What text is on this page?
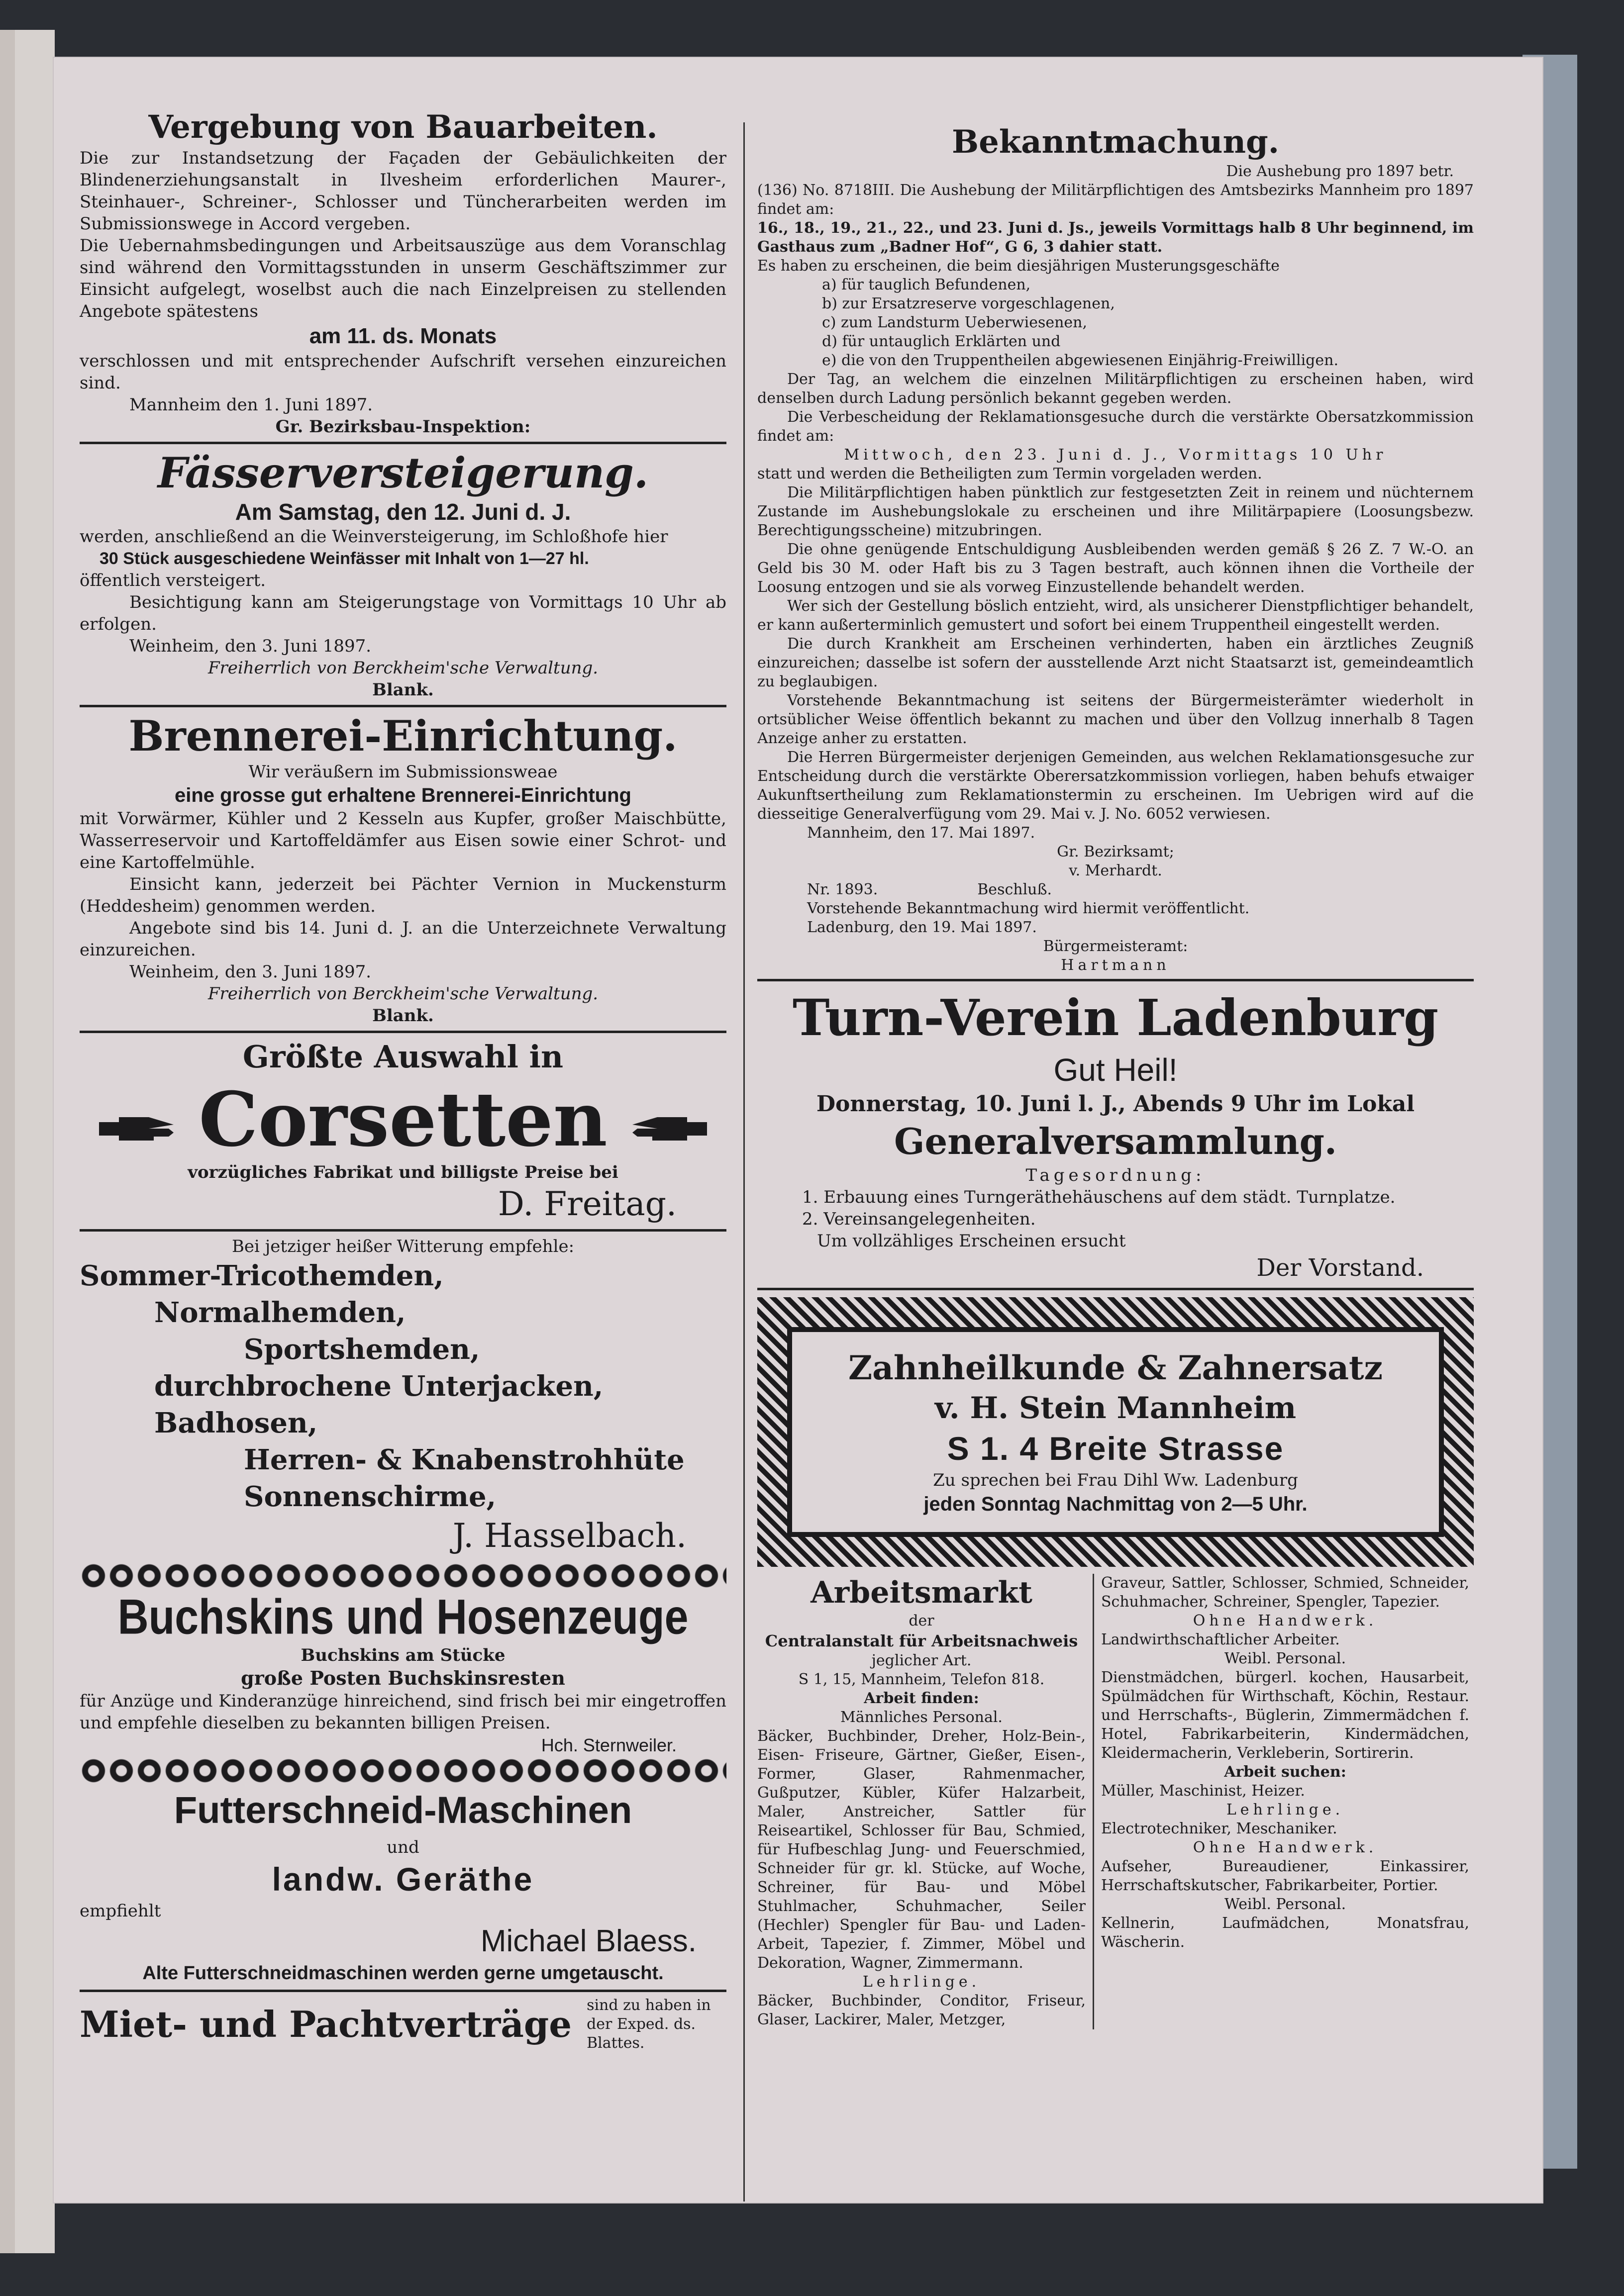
Vergebung von Bauarbeiten.

Die zur Instandsetzung der Façaden der Gebäulichkeiten der Blindenerziehungsanstalt in Ilvesheim erforderlichen Maurer-, Steinhauer-, Schreiner-, Schlosser und Tüncherarbeiten werden im Submissionswege in Accord vergeben.

Die Uebernahmsbedingungen und Arbeitsauszüge aus dem Voranschlag sind während den Vormittagsstunden in unserm Geschäftszimmer zur Einsicht aufgelegt, woselbst auch die nach Einzelpreisen zu stellenden Angebote spätestens

am 11. ds. Monats

verschlossen und mit entsprechender Aufschrift versehen einzureichen sind.

Mannheim den 1. Juni 1897.

Gr. Bezirksbau-Inspektion:

Fässerversteigerung.
Am Samstag, den 12. Juni d. J.

werden, anschließend an die Weinversteigerung, im Schloßhofe hier

30 Stück ausgeschiedene Weinfässer mit Inhalt von 1—27 hl.

öffentlich versteigert.

Besichtigung kann am Steigerungstage von Vormittags 10 Uhr ab erfolgen.

Weinheim, den 3. Juni 1897.

Freiherrlich von Berckheim'sche Verwaltung.

Blank.

Brennerei-Einrichtung.

Wir veräußern im Submissionsweae

eine grosse gut erhaltene Brennerei-Einrichtung

mit Vorwärmer, Kühler und 2 Kesseln aus Kupfer, großer Maischbütte, Wasserreservoir und Kartoffeldämfer aus Eisen sowie einer Schrot- und eine Kartoffelmühle.

Einsicht kann, jederzeit bei Pächter Vernion in Muckensturm (Heddesheim) genommen werden.

Angebote sind bis 14. Juni d. J. an die Unterzeichnete Verwaltung einzureichen.

Weinheim, den 3. Juni 1897.

Freiherrlich von Berckheim'sche Verwaltung.

Blank.

Größte Auswahl in
Corsetten
vorzügliches Fabrikat und billigste Preise bei
D. Freitag.
Bei jetziger heißer Witterung empfehle:
Sommer-Tricothemden,
Normalhemden,
Sportshemden,
durchbrochene Unterjacken,
Badhosen,
Herren- & Knabenstrohhüte
Sonnenschirme,
J. Hasselbach.
Buchskins und Hosenzeuge
Buchskins am Stücke
große Posten Buchskinsresten

für Anzüge und Kinderanzüge hinreichend, sind frisch bei mir eingetroffen und empfehle dieselben zu bekannten billigen Preisen.

Hch. Sternweiler.
Futterschneid-Maschinen
und
landw. Geräthe
empfiehlt
Michael Blaess.
Alte Futterschneidmaschinen werden gerne umgetauscht.
Miet- und Pachtverträge	sind zu haben in der Exped. ds. Blattes.
Bekanntmachung.
Die Aushebung pro 1897 betr.

(136) No. 8718III. Die Aushebung der Militärpflichtigen des Amtsbezirks Mannheim pro 1897 findet am:

16., 18., 19., 21., 22., und 23. Juni d. Js., jeweils Vormittags halb 8 Uhr beginnend, im Gasthaus zum „Badner Hof“, G 6, 3 dahier statt.

Es haben zu erscheinen, die beim diesjährigen Musterungsgeschäfte

a) für tauglich Befundenen,
b) zur Ersatzreserve vorgeschlagenen,
c) zum Landsturm Ueberwiesenen,
d) für untauglich Erklärten und
e) die von den Truppentheilen abgewiesenen Einjährig-Freiwilligen.

Der Tag, an welchem die einzelnen Militärpflichtigen zu erscheinen haben, wird denselben durch Ladung persönlich bekannt gegeben werden.

Die Verbescheidung der Reklamationsgesuche durch die verstärkte Obersatzkommission findet am:

Mittwoch, den 23. Juni d. J., Vormittags 10 Uhr

statt und werden die Betheiligten zum Termin vorgeladen werden.

Die Militärpflichtigen haben pünktlich zur festgesetzten Zeit in reinem und nüchternem Zustande im Aushebungslokale zu erscheinen und ihre Militärpapiere (Loosungsbezw. Berechtigungsscheine) mitzubringen.

Die ohne genügende Entschuldigung Ausbleibenden werden gemäß § 26 Z. 7 W.-O. an Geld bis 30 M. oder Haft bis zu 3 Tagen bestraft, auch können ihnen die Vortheile der Loosung entzogen und sie als vorweg Einzustellende behandelt werden.

Wer sich der Gestellung böslich entzieht, wird, als unsicherer Dienstpflichtiger behandelt, er kann außerterminlich gemustert und sofort bei einem Truppentheil eingestellt werden.

Die durch Krankheit am Erscheinen verhinderten, haben ein ärztliches Zeugniß einzureichen; dasselbe ist sofern der ausstellende Arzt nicht Staatsarzt ist, gemeindeamtlich zu beglaubigen.

Vorstehende Bekanntmachung ist seitens der Bürgermeisterämter wiederholt in ortsüblicher Weise öffentlich bekannt zu machen und über den Vollzug innerhalb 8 Tagen Anzeige anher zu erstatten.

Die Herren Bürgermeister derjenigen Gemeinden, aus welchen Reklamationsgesuche zur Entscheidung durch die verstärkte Oberersatzkommission vorliegen, haben behufs etwaiger Aukunftsertheilung zum Reklamationstermin zu erscheinen. Im Uebrigen wird auf die diesseitige Generalverfügung vom 29. Mai v. J. No. 6052 verwiesen.

Mannheim, den 17. Mai 1897.

Gr. Bezirksamt;

v. Merhardt.

Nr. 1893.	Beschluß.

Vorstehende Bekanntmachung wird hiermit veröffentlicht.

Ladenburg, den 19. Mai 1897.

Bürgermeisteramt:

Hartmann

Turn-Verein Ladenburg
Gut Heil!
Donnerstag, 10. Juni l. J., Abends 9 Uhr im Lokal
Generalversammlung.
Tagesordnung:
1. Erbauung eines Turngeräthehäuschens auf dem städt. Turnplatze.
2. Vereinsangelegenheiten.
Um vollzähliges Erscheinen ersucht
Der Vorstand.
Zahnheilkunde & Zahnersatz
v. H. Stein Mannheim
S 1. 4 Breite Strasse
Zu sprechen bei Frau Dihl Ww. Ladenburg
jeden Sonntag Nachmittag von 2—5 Uhr.
Arbeitsmarkt
der
Centralanstalt für Arbeitsnachweis
jeglicher Art.
S 1, 15, Mannheim, Telefon 818.
Arbeit finden:
Männliches Personal.

Bäcker, Buchbinder, Dreher, Holz-Bein-, Eisen- Friseure, Gärtner, Gießer, Eisen-, Former, Glaser, Rahmenmacher, Gußputzer, Kübler, Küfer Halzarbeit, Maler, Anstreicher, Sattler für Reiseartikel, Schlosser für Bau, Schmied, für Hufbeschlag Jung- und Feuerschmied, Schneider für gr. kl. Stücke, auf Woche, Schreiner, für Bau- und Möbel Stuhlmacher, Schuhmacher, Seiler (Hechler) Spengler für Bau- und Laden-Arbeit, Tapezier, f. Zimmer, Möbel und Dekoration, Wagner, Zimmermann.

Lehrlinge.

Bäcker, Buchbinder, Conditor, Friseur, Glaser, Lackirer, Maler, Metzger,

Graveur, Sattler, Schlosser, Schmied, Schneider, Schuhmacher, Schreiner, Spengler, Tapezier.

Ohne Handwerk.
Landwirthschaftlicher Arbeiter.
Weibl. Personal.

Dienstmädchen, bürgerl. kochen, Hausarbeit, Spülmädchen für Wirthschaft, Köchin, Restaur. und Herrschafts-, Büglerin, Zimmermädchen f. Hotel, Fabrikarbeiterin, Kindermädchen, Kleidermacherin, Verkleberin, Sortirerin.

Arbeit suchen:
Müller, Maschinist, Heizer.
Lehrlinge.
Electrotechniker, Meschaniker.
Ohne Handwerk.

Aufseher, Bureaudiener, Einkassirer, Herrschaftskutscher, Fabrikarbeiter, Portier.

Weibl. Personal.

Kellnerin, Laufmädchen, Monatsfrau, Wäscherin.
